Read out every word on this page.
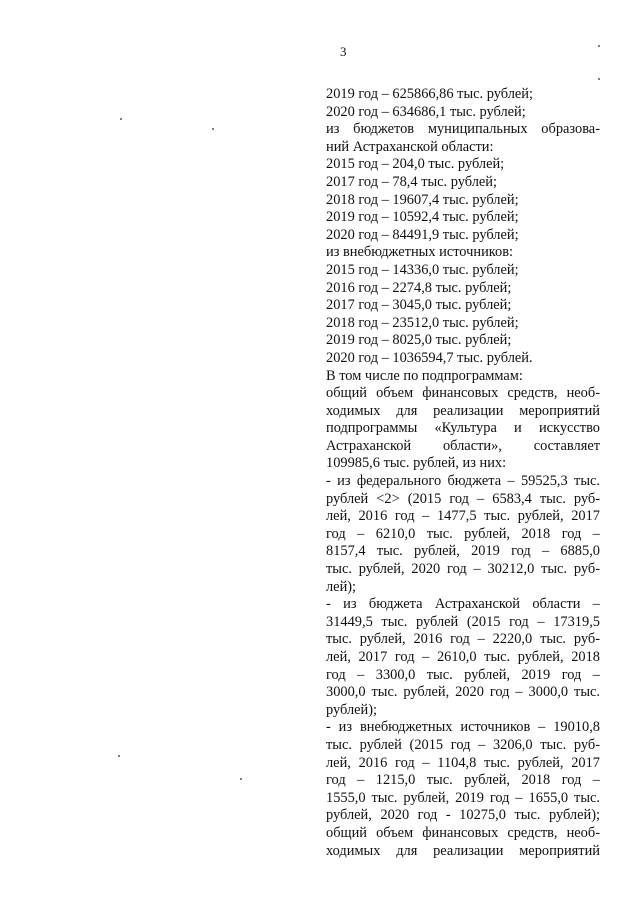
3
2019 год – 625866,86 тыс. рублей;
2020 год – 634686,1 тыс. рублей;
из бюджетов муниципальных образова-
ний Астраханской области:
2015 год – 204,0 тыс. рублей;
2017 год – 78,4 тыс. рублей;
2018 год – 19607,4 тыс. рублей;
2019 год – 10592,4 тыс. рублей;
2020 год – 84491,9 тыс. рублей;
из внебюджетных источников:
2015 год – 14336,0 тыс. рублей;
2016 год – 2274,8 тыс. рублей;
2017 год – 3045,0 тыс. рублей;
2018 год – 23512,0 тыс. рублей;
2019 год – 8025,0 тыс. рублей;
2020 год – 1036594,7 тыс. рублей.
В том числе по подпрограммам:
общий объем финансовых средств, необ-
ходимых для реализации мероприятий
подпрограммы «Культура и искусство
Астраханской области», составляет
109985,6 тыс. рублей, из них:
- из федерального бюджета – 59525,3 тыс.
рублей <2> (2015 год – 6583,4 тыс. руб-
лей, 2016 год – 1477,5 тыс. рублей, 2017
год – 6210,0 тыс. рублей, 2018 год –
8157,4 тыс. рублей, 2019 год – 6885,0
тыс. рублей, 2020 год – 30212,0 тыс. руб-
лей);
- из бюджета Астраханской области –
31449,5 тыс. рублей (2015 год – 17319,5
тыс. рублей, 2016 год – 2220,0 тыс. руб-
лей, 2017 год – 2610,0 тыс. рублей, 2018
год – 3300,0 тыс. рублей, 2019 год –
3000,0 тыс. рублей, 2020 год – 3000,0 тыс.
рублей);
- из внебюджетных источников – 19010,8
тыс. рублей (2015 год – 3206,0 тыс. руб-
лей, 2016 год – 1104,8 тыс. рублей, 2017
год – 1215,0 тыс. рублей, 2018 год –
1555,0 тыс. рублей, 2019 год – 1655,0 тыс.
рублей, 2020 год - 10275,0 тыс. рублей);
общий объем финансовых средств, необ-
ходимых для реализации мероприятий
